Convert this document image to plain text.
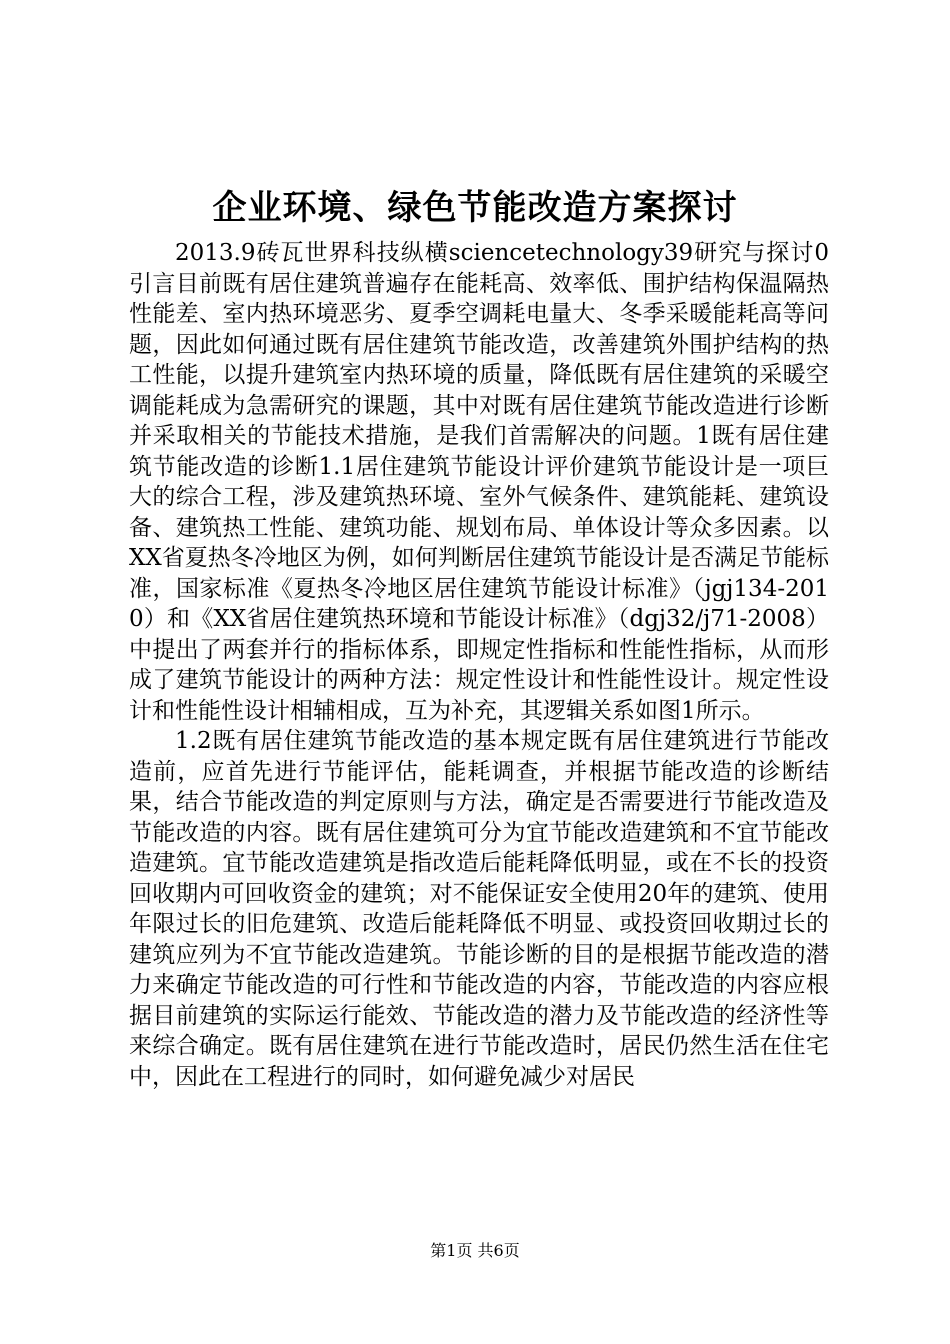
企业环境、绿色节能改造方案探讨

2013.9砖瓦世界科技纵横sciencetechnology39研究与探讨0引言目前既有居住建筑普遍存在能耗高、效率低、围护结构保温隔热性能差、室内热环境恶劣、夏季空调耗电量大、冬季采暖能耗高等问题，因此如何通过既有居住建筑节能改造，改善建筑外围护结构的热工性能，以提升建筑室内热环境的质量，降低既有居住建筑的采暖空调能耗成为急需研究的课题，其中对既有居住建筑节能改造进行诊断并采取相关的节能技术措施，是我们首需解决的问题。1既有居住建筑节能改造的诊断1.1居住建筑节能设计评价建筑节能设计是一项巨大的综合工程，涉及建筑热环境、室外气候条件、建筑能耗、建筑设备、建筑热工性能、建筑功能、规划布局、单体设计等众多因素。以XX省夏热冬冷地区为例，如何判断居住建筑节能设计是否满足节能标准，国家标准《夏热冬冷地区居住建筑节能设计标准》（jgj134-2010）和《XX省居住建筑热环境和节能设计标准》（dgj32/j71-2008）中提出了两套并行的指标体系，即规定性指标和性能性指标，从而形成了建筑节能设计的两种方法：规定性设计和性能性设计。规定性设计和性能性设计相辅相成，互为补充，其逻辑关系如图1所示。

1.2既有居住建筑节能改造的基本规定既有居住建筑进行节能改造前，应首先进行节能评估，能耗调查，并根据节能改造的诊断结果，结合节能改造的判定原则与方法，确定是否需要进行节能改造及节能改造的内容。既有居住建筑可分为宜节能改造建筑和不宜节能改造建筑。宜节能改造建筑是指改造后能耗降低明显，或在不长的投资回收期内可回收资金的建筑；对不能保证安全使用20年的建筑、使用年限过长的旧危建筑、改造后能耗降低不明显、或投资回收期过长的建筑应列为不宜节能改造建筑。节能诊断的目的是根据节能改造的潜力来确定节能改造的可行性和节能改造的内容，节能改造的内容应根据目前建筑的实际运行能效、节能改造的潜力及节能改造的经济性等来综合确定。既有居住建筑在进行节能改造时，居民仍然生活在住宅中，因此在工程进行的同时，如何避免减少对居民

第1页 共6页
